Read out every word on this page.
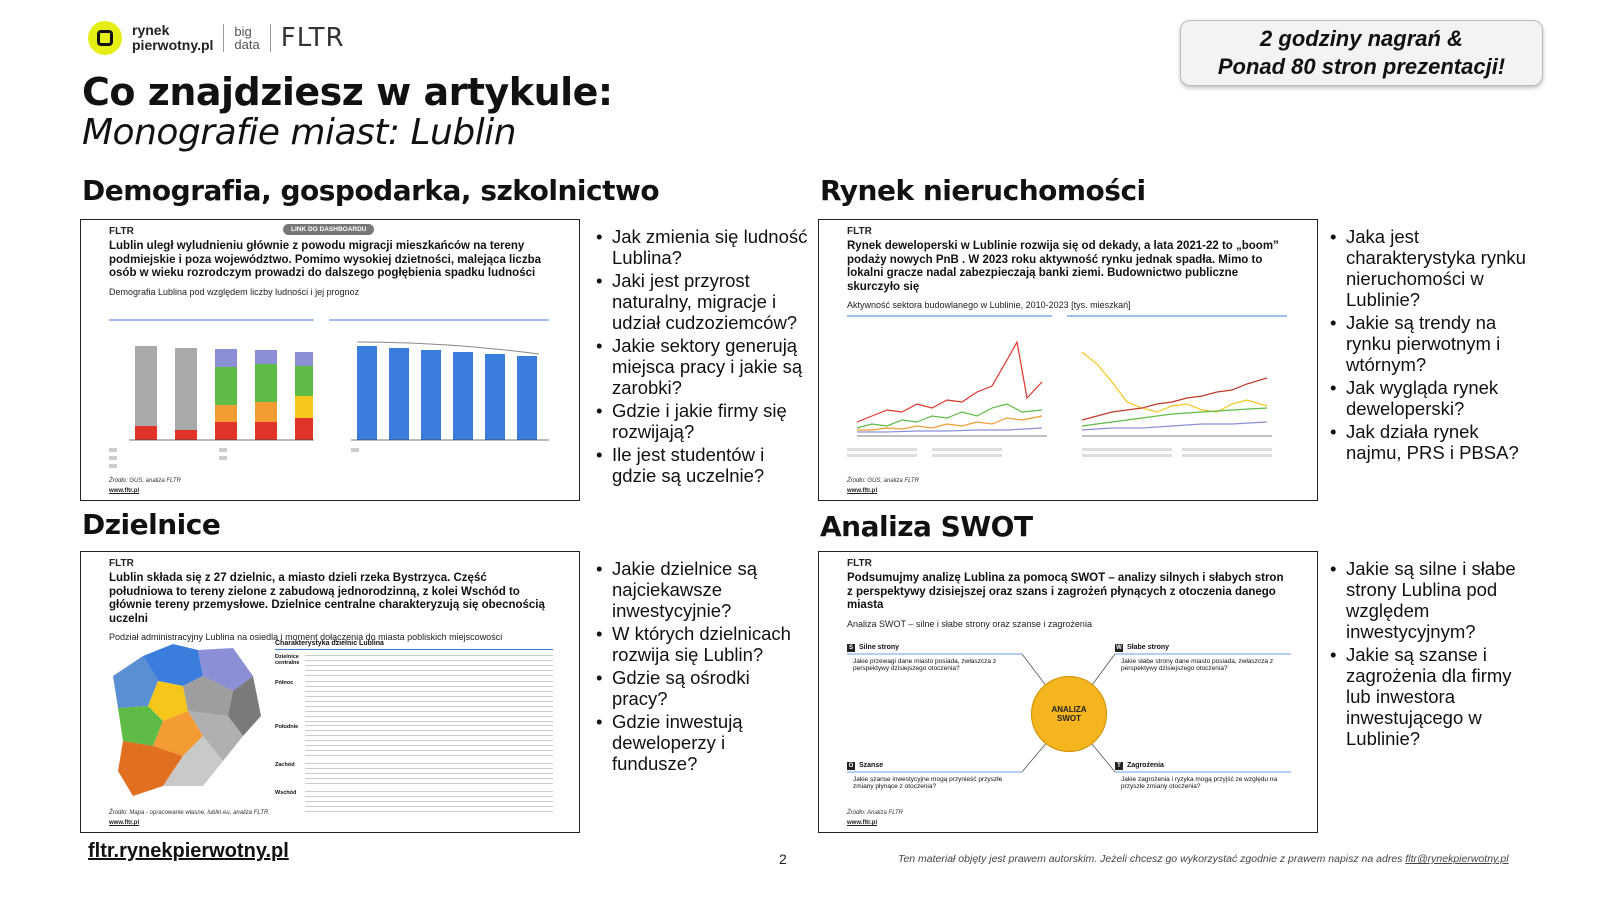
rynek
pierwotny.pl
big
data FLTR
Co znajdziesz w artykule:
Monografie miast: Lublin
2 godziny nagrań &
Ponad 80 stron prezentacji!
Demografia, gospodarka, szkolnictwo
FLTR	LINK DO DASHBOARDU
Lublin uległ wyludnieniu głównie z powodu migracji mieszkańców na tereny podmiejskie i poza województwo. Pomimo wysokiej dzietności, malejąca liczba osób w wieku rozrodczym prowadzi do dalszego pogłębienia spadku ludności
Demografia Lublina pod względem liczby ludności i jej prognoz
Źródło: GUS, analiza FLTR
www.fltr.pl
• Jak zmienia się ludność Lublina?
• Jaki jest przyrost naturalny, migracje i udział cudzoziemców?
• Jakie sektory generują miejsca pracy i jakie są zarobki?
• Gdzie i jakie firmy się rozwijają?
• Ile jest studentów i gdzie są uczelnie?
Rynek nieruchomości
FLTR
Rynek deweloperski w Lublinie rozwija się od dekady, a lata 2021-22 to „boom” podaży nowych PnB . W 2023 roku aktywność rynku jednak spadła. Mimo to lokalni gracze nadal zabezpieczają banki ziemi. Budownictwo publiczne skurczyło się
Aktywność sektora budowlanego w Lublinie, 2010-2023 [tys. mieszkań]
Źródło: GUS, analiza FLTR
www.fltr.pl
• Jaka jest charakterystyka rynku nieruchomości w Lublinie?
• Jakie są trendy na rynku pierwotnym i wtórnym?
• Jak wygląda rynek deweloperski?
• Jak działa rynek najmu, PRS i PBSA?
Dzielnice
FLTR
Lublin składa się z 27 dzielnic, a miasto dzieli rzeka Bystrzyca. Część południowa to tereny zielone z zabudową jednorodzinną, z kolei Wschód to głównie tereny przemysłowe. Dzielnice centralne charakteryzują się obecnością uczelni
Podział administracyjny Lublina na osiedla i moment dołączenia do miasta pobliskich miejscowości
Charakterystyka dzielnic Lublina
Dzielnice centralne
Północ
Południe
Zachód
Wschód
Źródło: Mapa - opracowanie własne, lublin.eu, analiza FLTR
www.fltr.pl
• Jakie dzielnice są najciekawsze inwestycyjnie?
• W których dzielnicach rozwija się Lublin?
• Gdzie są ośrodki pracy?
• Gdzie inwestują deweloperzy i fundusze?
Analiza SWOT
FLTR
Podsumujmy analizę Lublina za pomocą SWOT – analizy silnych i słabych stron z perspektywy dzisiejszej oraz szans i zagrożeń płynących z otoczenia danego miasta
Analiza SWOT – silne i słabe strony oraz szanse i zagrożenia
ANALIZA
SWOT
S Silne strony
Jakie przewagi dane miasto posiada, zwłaszcza z perspektywy dzisiejszego otoczenia?
W Słabe strony
Jakie słabe strony dane miasto posiada, zwłaszcza z perspektywy dzisiejszego otoczenia?
O Szanse
Jakie szanse inwestycyjne mogą przynieść przyszłe zmiany płynące z otoczenia?
T Zagrożenia
Jakie zagrożenia i ryzyka mogą przyjść ze względu na przyszłe zmiany otoczenia?
Źródło: Analiza FLTR
www.fltr.pl
• Jakie są silne i słabe strony Lublina pod względem inwestycyjnym?
• Jakie są szanse i zagrożenia dla firmy lub inwestora inwestującego w Lublinie?
fltr.rynekpierwotny.pl	2	Ten materiał objęty jest prawem autorskim. Jeżeli chcesz go wykorzystać zgodnie z prawem napisz na adres fltr@rynekpierwotny.pl
